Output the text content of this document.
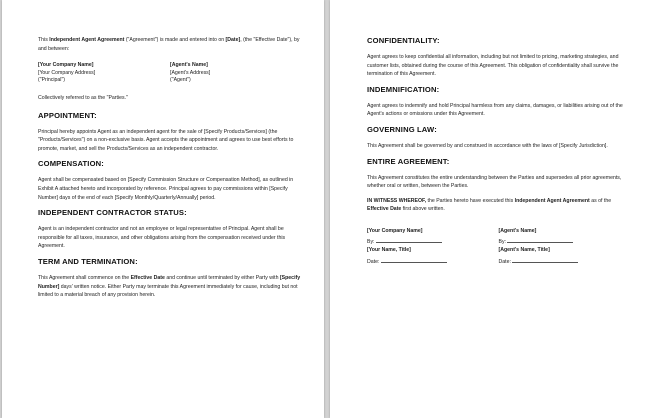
This Independent Agent Agreement ("Agreement") is made and entered into on [Date], (the "Effective Date"), by and between:

[Your Company Name]
[Your Company Address]
("Principal")
[Agent's Name]
[Agent's Address]
("Agent")

Collectively referred to as the "Parties."

APPOINTMENT:

Principal hereby appoints Agent as an independent agent for the sale of [Specify Products/Services] (the "Products/Services") on a non-exclusive basis. Agent accepts the appointment and agrees to use best efforts to promote, market, and sell the Products/Services as an independent contractor.

COMPENSATION:

Agent shall be compensated based on [Specify Commission Structure or Compensation Method], as outlined in Exhibit A attached hereto and incorporated by reference. Principal agrees to pay commissions within [Specify Number] days of the end of each [Specify Monthly/Quarterly/Annually] period.

INDEPENDENT CONTRACTOR STATUS:

Agent is an independent contractor and not an employee or legal representative of Principal. Agent shall be responsible for all taxes, insurance, and other obligations arising from the compensation received under this Agreement.

TERM AND TERMINATION:

This Agreement shall commence on the Effective Date and continue until terminated by either Party with [Specify Number] days' written notice. Either Party may terminate this Agreement immediately for cause, including but not limited to a material breach of any provision herein.

CONFIDENTIALITY:

Agent agrees to keep confidential all information, including but not limited to pricing, marketing strategies, and customer lists, obtained during the course of this Agreement. This obligation of confidentiality shall survive the termination of this Agreement.

INDEMNIFICATION:

Agent agrees to indemnify and hold Principal harmless from any claims, damages, or liabilities arising out of the Agent's actions or omissions under this Agreement.

GOVERNING LAW:

This Agreement shall be governed by and construed in accordance with the laws of [Specify Jurisdiction].

ENTIRE AGREEMENT:

This Agreement constitutes the entire understanding between the Parties and supersedes all prior agreements, whether oral or written, between the Parties.

IN WITNESS WHEREOF, the Parties hereto have executed this Independent Agent Agreement as of the Effective Date first above written.

[Your Company Name]
By:
[Your Name, Title]
Date:
[Agent's Name]
By:
[Agent's Name, Title]
Date:
